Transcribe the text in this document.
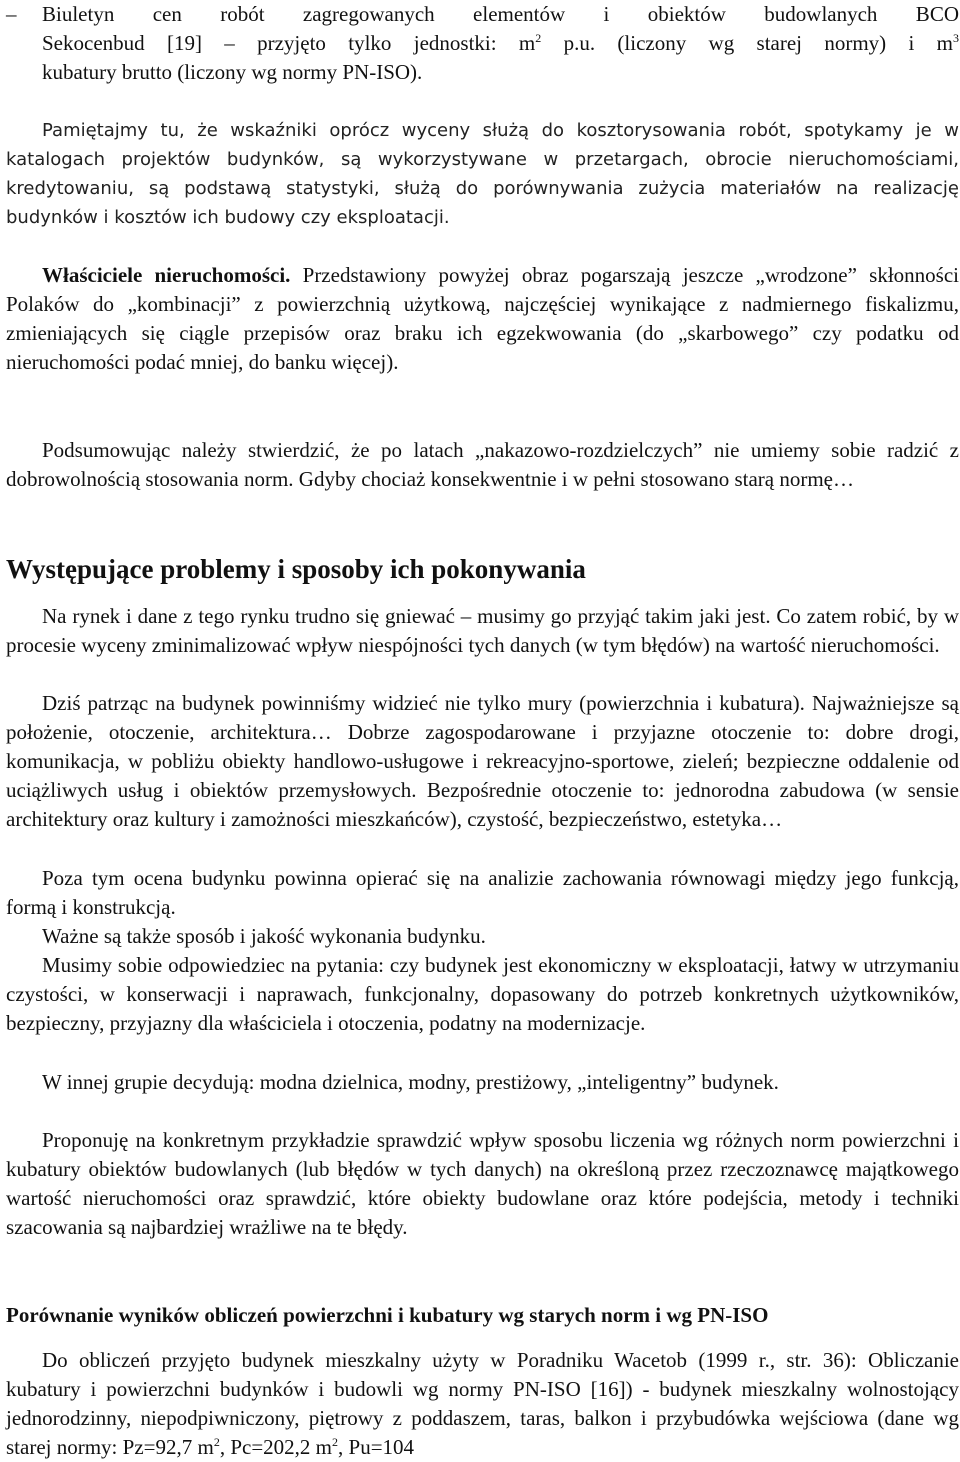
–	Biuletyn cen robót zagregowanych elementów i obiektów budowlanych BCO
Sekocenbud [19] – przyjęto tylko jednostki: $m^2$ p.u. (liczony wg starej normy) i $m^3$
kubatury brutto (liczony wg normy PN-ISO).

Pamiętajmy tu, że wskaźniki oprócz wyceny służą do kosztorysowania robót, spotykamy je w katalogach projektów budynków, są wykorzystywane w przetargach, obrocie nieruchomościami, kredytowaniu, są podstawą statystyki, służą do porównywania zużycia materiałów na realizację budynków i kosztów ich budowy czy eksploatacji.

Właściciele nieruchomości. Przedstawiony powyżej obraz pogarszają jeszcze „wrodzone” skłonności Polaków do „kombinacji” z powierzchnią użytkową, najczęściej wynikające z nadmiernego fiskalizmu, zmieniających się ciągle przepisów oraz braku ich egzekwowania (do „skarbowego” czy podatku od nieruchomości podać mniej, do banku więcej).

Podsumowując należy stwierdzić, że po latach „nakazowo-rozdzielczych” nie umiemy sobie radzić z dobrowolnością stosowania norm. Gdyby chociaż konsekwentnie i w pełni stosowano starą normę…

Występujące problemy i sposoby ich pokonywania

Na rynek i dane z tego rynku trudno się gniewać – musimy go przyjąć takim jaki jest. Co zatem robić, by w procesie wyceny zminimalizować wpływ niespójności tych danych (w tym błędów) na wartość nieruchomości.

Dziś patrząc na budynek powinniśmy widzieć nie tylko mury (powierzchnia i kubatura). Najważniejsze są położenie, otoczenie, architektura… Dobrze zagospodarowane i przyjazne otoczenie to: dobre drogi, komunikacja, w pobliżu obiekty handlowo-usługowe i rekreacyjno-sportowe, zieleń; bezpieczne oddalenie od uciążliwych usług i obiektów przemysłowych. Bezpośrednie otoczenie to: jednorodna zabudowa (w sensie architektury oraz kultury i zamożności mieszkańców), czystość, bezpieczeństwo, estetyka…

Poza tym ocena budynku powinna opierać się na analizie zachowania równowagi między jego funkcją, formą i konstrukcją.

Ważne są także sposób i jakość wykonania budynku.

Musimy sobie odpowiedziec na pytania: czy budynek jest ekonomiczny w eksploatacji, łatwy w utrzymaniu czystości, w konserwacji i naprawach, funkcjonalny, dopasowany do potrzeb konkretnych użytkowników, bezpieczny, przyjazny dla właściciela i otoczenia, podatny na modernizacje.

W innej grupie decydują: modna dzielnica, modny, prestiżowy, „inteligentny” budynek.

Proponuję na konkretnym przykładzie sprawdzić wpływ sposobu liczenia wg różnych norm powierzchni i kubatury obiektów budowlanych (lub błędów w tych danych) na określoną przez rzeczoznawcę majątkowego wartość nieruchomości oraz sprawdzić, które obiekty budowlane oraz które podejścia, metody i techniki szacowania są najbardziej wrażliwe na te błędy.

Porównanie wyników obliczeń powierzchni i kubatury wg starych norm i wg PN-ISO

Do obliczeń przyjęto budynek mieszkalny użyty w Poradniku Wacetob (1999 r., str. 36): Obliczanie kubatury i powierzchni budynków i budowli wg normy PN-ISO [16]) - budynek mieszkalny wolnostojący jednorodzinny, niepodpiwniczony, piętrowy z poddaszem, taras, balkon i przybudówka wejściowa (dane wg starej normy: Pz=92,7 $m^2$, Pc=202,2 $m^2$, Pu=104
